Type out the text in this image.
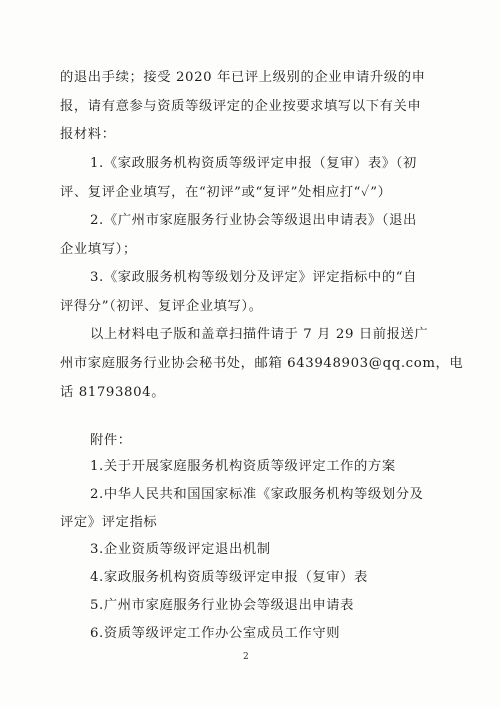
的退出手续；接受 2020 年已评上级别的企业申请升级的申
报，请有意参与资质等级评定的企业按要求填写以下有关申
报材料：
1.《家政服务机构资质等级评定申报（复审）表》（初
评、复评企业填写，在“初评”或“复评”处相应打“✓”）
2.《广州市家庭服务行业协会等级退出申请表》（退出
企业填写）；
3.《家政服务机构等级划分及评定》评定指标中的“自
评得分”（初评、复评企业填写）。
以上材料电子版和盖章扫描件请于 7 月 29 日前报送广
州市家庭服务行业协会秘书处，邮箱 643948903@qq.com，电
话 81793804。
附件：
1.关于开展家庭服务机构资质等级评定工作的方案
2.中华人民共和国国家标准《家政服务机构等级划分及
评定》评定指标
3.企业资质等级评定退出机制
4.家政服务机构资质等级评定申报（复审）表
5.广州市家庭服务行业协会等级退出申请表
6.资质等级评定工作办公室成员工作守则
2
